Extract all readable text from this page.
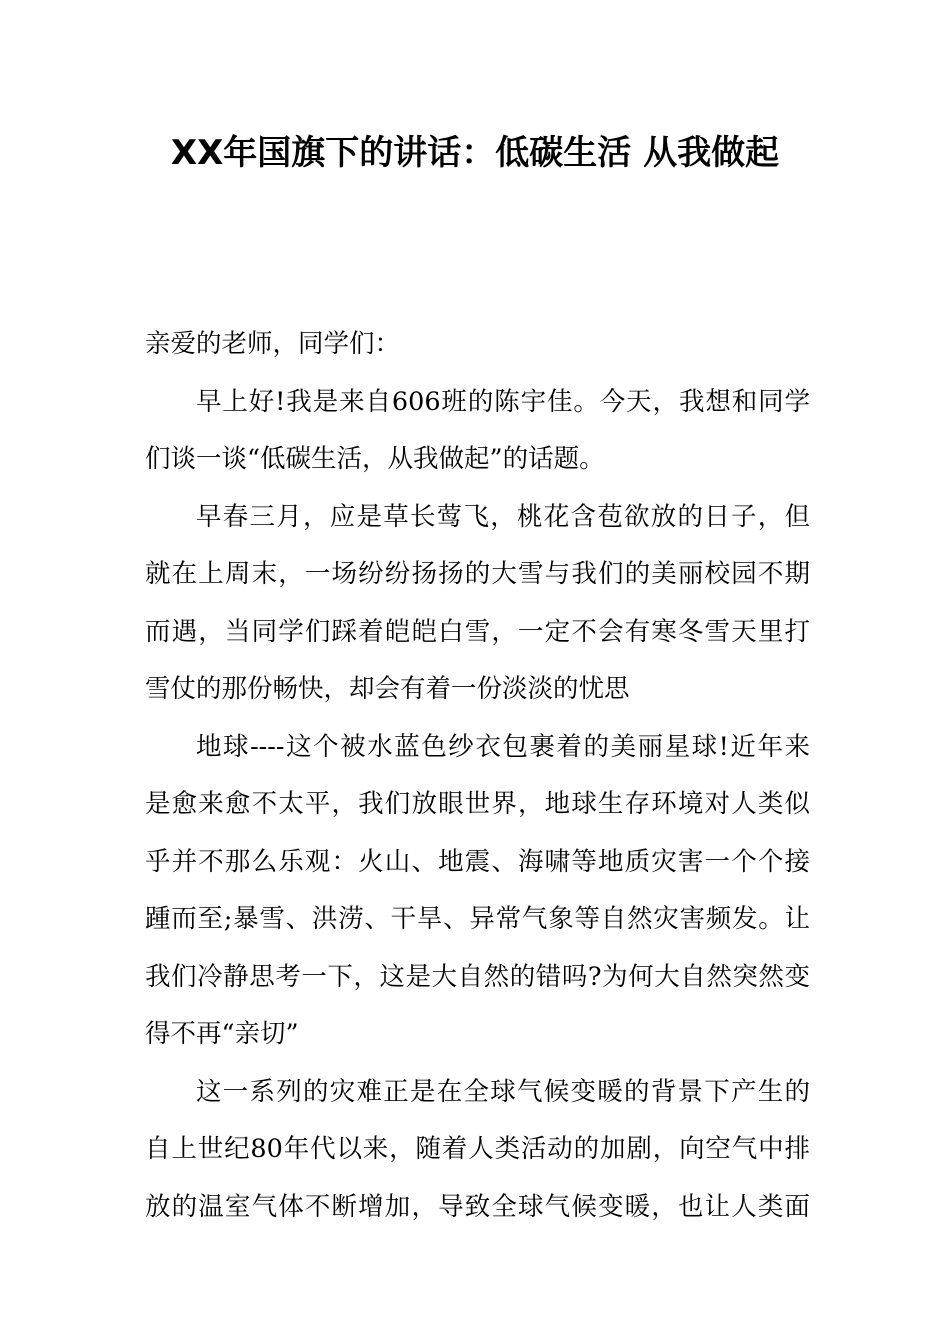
XX年国旗下的讲话：低碳生活 从我做起
亲爱的老师，同学们：
早上好!我是来自606班的陈宇佳。今天，我想和同学
们谈一谈“低碳生活，从我做起”的话题。
早春三月，应是草长莺飞，桃花含苞欲放的日子，但
就在上周末，一场纷纷扬扬的大雪与我们的美丽校园不期
而遇，当同学们踩着皑皑白雪，一定不会有寒冬雪天里打
雪仗的那份畅快，却会有着一份淡淡的忧思
地球----这个被水蓝色纱衣包裹着的美丽星球!近年来
是愈来愈不太平，我们放眼世界，地球生存环境对人类似
乎并不那么乐观：火山、地震、海啸等地质灾害一个个接
踵而至;暴雪、洪涝、干旱、异常气象等自然灾害频发。让
我们冷静思考一下，这是大自然的错吗?为何大自然突然变
得不再“亲切”
这一系列的灾难正是在全球气候变暖的背景下产生的
自上世纪80年代以来，随着人类活动的加剧，向空气中排
放的温室气体不断增加，导致全球气候变暖，也让人类面
